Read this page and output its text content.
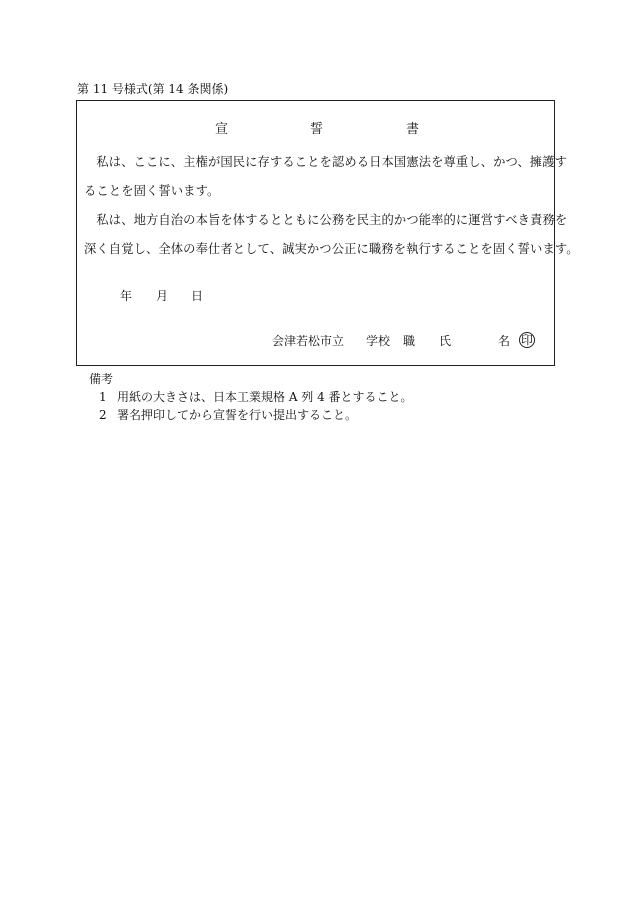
第 11 号様式(第 14 条関係)
宣	誓	書
　私は、ここに、主権が国民に存することを認める日本国憲法を尊重し、かつ、擁護す
ることを固く誓います。
　私は、地方自治の本旨を体するとともに公務を民主的かつ能率的に運営すべき責務を
深く自覚し、全体の奉仕者として、誠実かつ公正に職務を執行することを固く誓います。
年 月 日
会津若松市立 学校 職 氏	名 印
備考
1 用紙の大きさは、日本工業規格 A 列 4 番とすること。
2 署名押印してから宣誓を行い提出すること。
